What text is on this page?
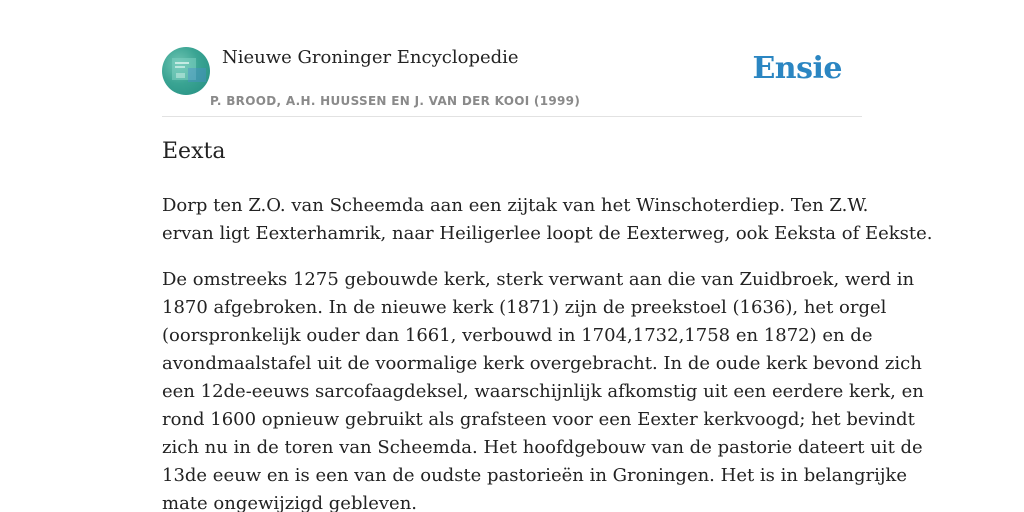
Nieuwe Groninger Encyclopedie
P. BROOD, A.H. HUUSSEN EN J. VAN DER KOOI (1999)
Ensie
Eexta

Dorp ten Z.O. van Scheemda aan een zijtak van het Winschoterdiep. Ten Z.W.
ervan ligt Eexterhamrik, naar Heiligerlee loopt de Eexterweg, ook Eeksta of Eekste.

De omstreeks 1275 gebouwde kerk, sterk verwant aan die van Zuidbroek, werd in
1870 afgebroken. In de nieuwe kerk (1871) zijn de preekstoel (1636), het orgel
(oorspronkelijk ouder dan 1661, verbouwd in 1704,1732,1758 en 1872) en de
avondmaalstafel uit de voormalige kerk overgebracht. In de oude kerk bevond zich
een 12de-eeuws sarcofaagdeksel, waarschijnlijk afkomstig uit een eerdere kerk, en
rond 1600 opnieuw gebruikt als grafsteen voor een Eexter kerkvoogd; het bevindt
zich nu in de toren van Scheemda. Het hoofdgebouw van de pastorie dateert uit de
13de eeuw en is een van de oudste pastorieën in Groningen. Het is in belangrijke
mate ongewijzigd gebleven.
